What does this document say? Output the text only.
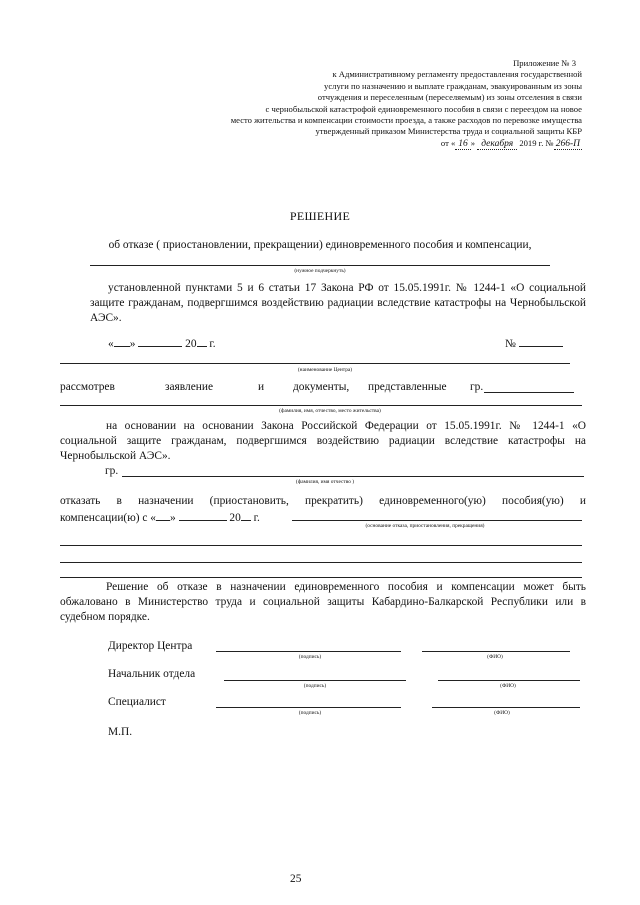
Приложение № 3
к Административному регламенту предоставления государственной
услуги по назначению и выплате гражданам, эвакуированным из зоны
отчуждения и переселенным (переселяемым) из зоны отселения в связи
с чернобыльской катастрофой единовременного пособия в связи с переездом на новое
место жительства и компенсации стоимости проезда, а также расходов по перевозке имущества
утвержденный приказом Министерства труда и социальной защиты КБР
от « 16 » декабря 2019 г. № 266-П
РЕШЕНИЕ
об отказе ( приостановлении, прекращении) единовременного пособия и компенсации,
(нужное подчеркнуть)
установленной пунктами 5 и 6 статьи 17 Закона РФ от 15.05.1991г. № 1244-1 «О социальной защите гражданам, подвергшимся воздействию радиации вследствие катастрофы на Чернобыльской АЭС».
« »	20 г.	№
(наименование Центра)
рассмотрев	заявление	и	документы, представленные гр.
(фамилия, имя, отчество, место жительства)
на основании на основании Закона Российской Федерации от 15.05.1991г. № 1244-1 «О социальной защите гражданам, подвергшимся воздействию радиации вследствие катастрофы на Чернобыльской АЭС».
гр.
(фамилия, имя отчество )
отказать в назначении (приостановить, прекратить) единовременного(ую) пособия(ую) и
компенсации(ю) с « »	20 г.
(основание отказа, приостановления, прекращения)
Решение об отказе в назначении единовременного пособия и компенсации может быть обжаловано в Министерство труда и социальной защиты Кабардино-Балкарской Республики или в судебном порядке.
Директор Центра
(подпись)	(ФИО)
Начальник отдела
(подпись)	(ФИО)
Специалист
(подпись)	(ФИО)
М.П.
25
